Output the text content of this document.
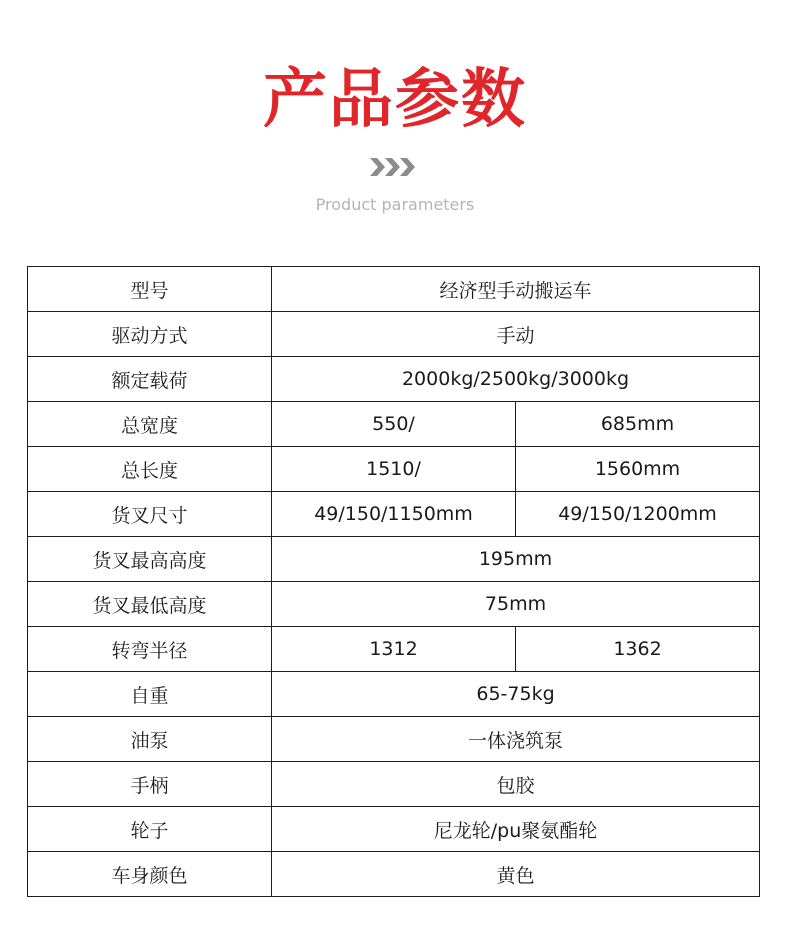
产品参数
Product parameters
型号	经济型手动搬运车	
驱动方式	手动	
额定载荷	2000kg/2500kg/3000kg	
总宽度	550/	685mm
总长度	1510/	1560mm
货叉尺寸	49/150/1150mm	49/150/1200mm
货叉最高高度	195mm	
货叉最低高度	75mm	
转弯半径	1312	1362
自重	65-75kg	
油泵	一体浇筑泵	
手柄	包胶	
轮子	尼龙轮/pu聚氨酯轮	
车身颜色	黄色	
